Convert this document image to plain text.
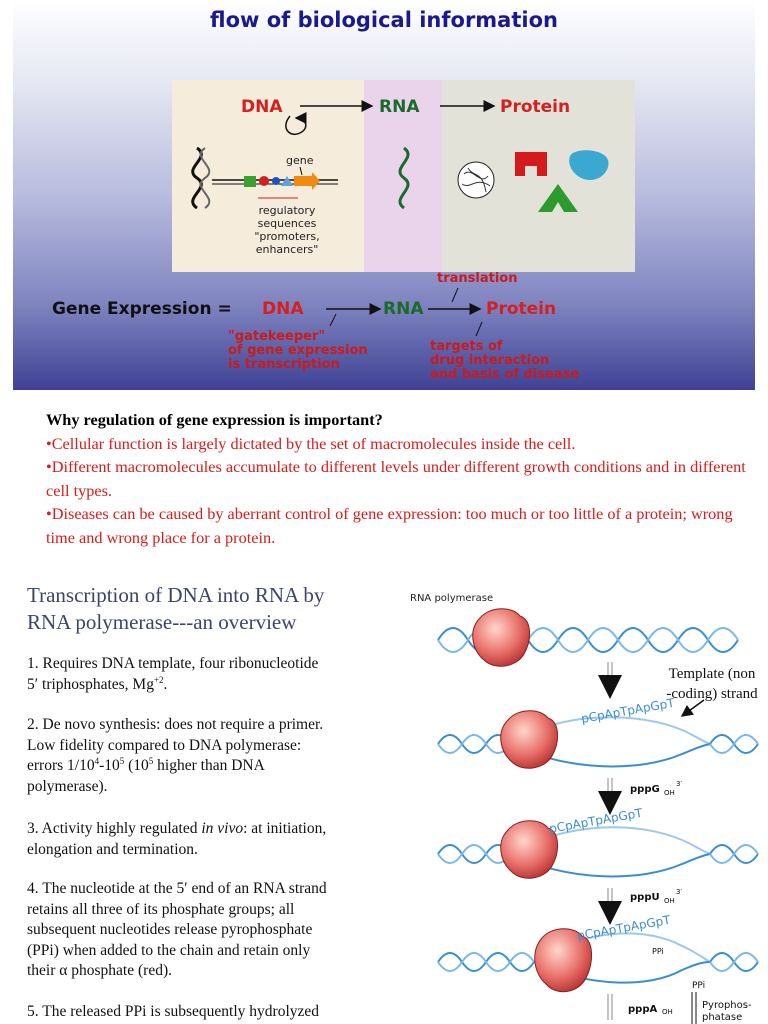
flow of biological information
DNA	RNA	Protein
gene
regulatory
sequences
"promoters,
enhancers"
Gene Expression = DNA	RNA	Protein
translation
"gatekeeper"
of gene expression
is transcription
targets of
drug interaction
and basis of disease
Why regulation of gene expression is important?
•Cellular function is largely dictated by the set of macromolecules inside the cell.
•Different macromolecules accumulate to different levels under different growth conditions and in different cell types.
•Diseases can be caused by aberrant control of gene expression: too much or too little of a protein; wrong time and wrong place for a protein.
Transcription of DNA into RNA by
RNA polymerase---an overview
1. Requires DNA template, four ribonucleotide
5′ triphosphates, $Mg^{+2}$.
2. De novo synthesis: does not require a primer.
Low fidelity compared to DNA polymerase:
errors $1/10^4-10^5$ ($10^5$ higher than DNA
polymerase).
3. Activity highly regulated in vivo: at initiation,
elongation and termination.
4. The nucleotide at the 5′ end of an RNA strand
retains all three of its phosphate groups; all
subsequent nucleotides release pyrophosphate
(PPi) when added to the chain and retain only
their α phosphate (red).
5. The released PPi is subsequently hydrolyzed
RNA polymerase
Template (non
-coding) strand
pCpApTpApGpT
pppG OH
3′
pCpApTpApGpT
pppU OH
3′
pCpApTpApGpT
PPi
PPi
pppA OH
Pyrophos-
phatase
